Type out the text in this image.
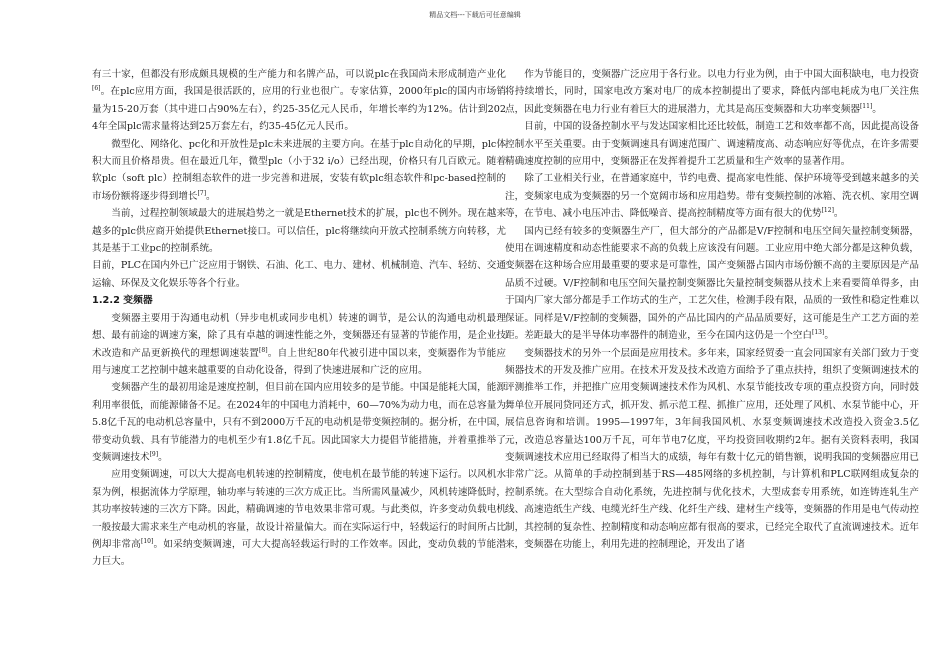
精品文档---下载后可任意编辑

有三十家，但都没有形成颇具规模的生产能力和名牌产品，可以说plc在我国尚未形成制造产业化[6]。在plc应用方面，我国是很活跃的，应用的行业也很广。专家估算，2000年plc的国内市场销量为15-20万套（其中进口占90%左右），约25-35亿元人民币，年增长率约为12%。估计到2024年全国plc需求量将达到25万套左右，约35-45亿元人民币。

微型化、网络化、pc化和开放性是plc未来进展的主要方向。在基于plc自动化的早期，plc体积大而且价格昂贵。但在最近几年，微型plc（小于32 i/o）已经出现，价格只有几百欧元。随着软plc（soft plc）控制组态软件的进一步完善和进展，安装有软plc组态软件和pc-based控制的市场份额将逐步得到增长[7]。

当前，过程控制领域最大的进展趋势之一就是Ethernet技术的扩展，plc也不例外。现在越来越多的plc供应商开始提供Ethernet接口。可以信任，plc将继续向开放式控制系统方向转移，尤其是基于工业pc的控制系统。

目前，PLC在国内外已广泛应用于钢铁、石油、化工、电力、建材、机械制造、汽车、轻纺、交通运输、环保及文化娱乐等各个行业。

1.2.2 变频器

变频器主要用于沟通电动机（异步电机或同步电机）转速的调节，是公认的沟通电动机最理想、最有前途的调速方案，除了具有卓越的调速性能之外，变频器还有显著的节能作用，是企业技术改造和产品更新换代的理想调速装置[8]。自上世纪80年代被引进中国以来，变频器作为节能应用与速度工艺控制中越来越重要的自动化设备，得到了快速进展和广泛的应用。

变频器产生的最初用途是速度控制，但目前在国内应用较多的是节能。中国是能耗大国，能源利用率很低，而能源储备不足。在2024年的中国电力消耗中，60—70%为动力电，而在总容量为5.8亿千瓦的电动机总容量中，只有不到2000万千瓦的电动机是带变频控制的。据分析，在中国，带变动负载、具有节能潜力的电机至少有1.8亿千瓦。因此国家大力提倡节能措施，并着重推举了变频调速技术[9]。

应用变频调速，可以大大提高电机转速的控制精度，使电机在最节能的转速下运行。以风机水泵为例，根据流体力学原理，轴功率与转速的三次方成正比。当所需风量减少，风机转速降低时，其功率按转速的三次方下降。因此，精确调速的节电效果非常可观。与此类似，许多变动负载电机一般按最大需求来生产电动机的容量，故设计裕量偏大。而在实际运行中，轻载运行的时间所占比例却非常高[10]。如采纳变频调速，可大大提高轻载运行时的工作效率。因此，变动负载的节能潜力巨大。

作为节能目的，变频器广泛应用于各行业。以电力行业为例，由于中国大面积缺电，电力投资将持续增长，同时，国家电改方案对电厂的成本控制提出了要求，降低内部电耗成为电厂关注焦点，因此变频器在电力行业有着巨大的进展潜力，尤其是高压变频器和大功率变频器[11]。

目前，中国的设备控制水平与发达国家相比还比较低，制造工艺和效率都不高，因此提高设备控制水平至关重要。由于变频调速具有调速范围广、调速精度高、动态响应好等优点，在许多需要精确速度控制的应用中，变频器正在发挥着提升工艺质量和生产效率的显著作用。

除了工业相关行业，在普通家庭中，节约电费、提高家电性能、保护环境等受到越来越多的关注，变频家电成为变频器的另一个宽阔市场和应用趋势。带有变频控制的冰箱、洗衣机、家用空调等，在节电、减小电压冲击、降低噪音、提高控制精度等方面有很大的优势[12]。

国内已经有较多的变频器生产厂，但大部分的产品都是V/F控制和电压空间矢量控制变频器，使用在调速精度和动态性能要求不高的负载上应该没有问题。工业应用中绝大部分都是这种负载，变频器在这种场合应用最重要的要求是可靠性，国产变频器占国内市场份额不高的主要原因是产品品质不过硬。V/F控制和电压空间矢量控制变频器比矢量控制变频器从技术上来看要简单得多，由于国内厂家大部分都是手工作坊式的生产，工艺欠佳，检测手段有限，品质的一致性和稳定性难以保证。同样是V/F控制的变频器，国外的产品比国内的产品品质要好，这可能是生产工艺方面的差距。差距最大的是半导体功率器件的制造业，至今在国内这仍是一个空白[13]。

变频器技术的另外一个层面是应用技术。多年来，国家经贸委一直会同国家有关部门致力于变频器技术的开发及推广应用。在技术开发及技术改造方面给予了重点扶持，组织了变频调速技术的评测推举工作，并把推广应用变频调速技术作为风机、水泵节能技改专项的重点投资方向，同时鼓舞单位开展同贷同还方式，抓开发、抓示范工程、抓推广应用，还处理了风机、水泵节能中心，开展信息咨询和培训。1995—1997年，3年间我国风机、水泵变频调速技术改造投入资金3.5亿元，改造总容量达100万千瓦，可年节电7亿度，平均投资回收期约2年。据有关资料表明，我国变频调速技术应用已经取得了相当大的成绩，每年有数十亿元的销售额，说明我国的变频器应用已非常广泛。从简单的手动控制到基于RS—485网络的多机控制，与计算机和PLC联网组成复杂的控制系统。在大型综合自动化系统，先进控制与优化技术，大型成套专用系统，如连铸连轧生产线、高速造纸生产线、电缆光纤生产线、化纤生产线、建材生产线等，变频器的作用是电气传动控制，其控制的复杂性、控制精度和动态响应都有很高的要求，已经完全取代了直流调速技术。近年来，变频器在功能上，利用先进的控制理论，开发出了诸
